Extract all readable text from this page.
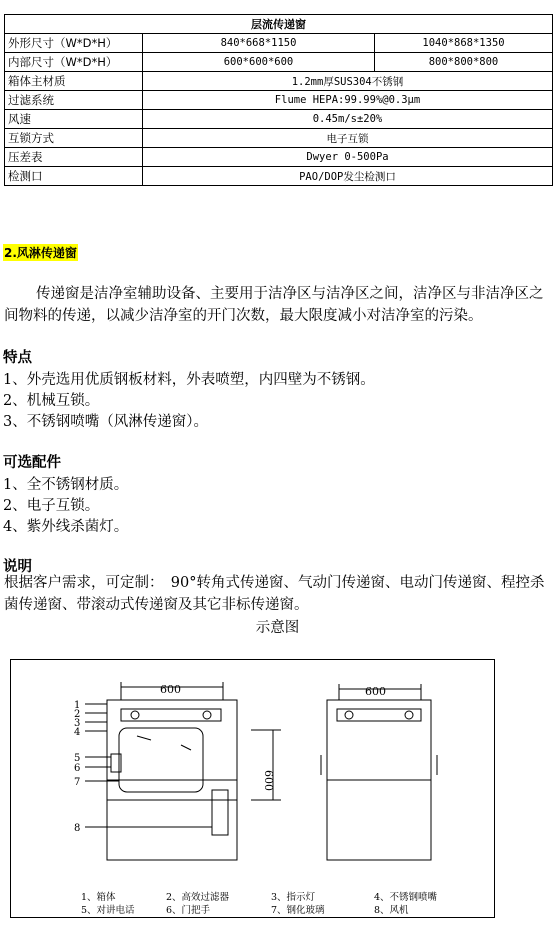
层流传递窗		
外形尺寸（W*D*H）	840*668*1150	1040*868*1350
内部尺寸（W*D*H）	600*600*600	800*800*800
箱体主材质	1.2mm厚SUS304不锈钢	
过滤系统	Flume HEPA:99.99%@0.3μm	
风速	0.45m/s±20%	
互锁方式	电子互锁	
压差表	Dwyer 0-500Pa	
检测口	PAO/DOP发尘检测口	
2.风淋传递窗
传递窗是洁净室辅助设备、主要用于洁净区与洁净区之间，洁净区与非洁净区之间物料的传递，以减少洁净室的开门次数，最大限度减小对洁净室的污染。
特点
1、外壳选用优质钢板材料，外表喷塑，内四壁为不锈钢。
2、机械互锁。
3、不锈钢喷嘴（风淋传递窗）。
可选配件
1、全不锈钢材质。
2、电子互锁。
4、紫外线杀菌灯。
说明
根据客户需求，可定制：　90°转角式传递窗、气动门传递窗、电动门传递窗、程控杀菌传递窗、带滚动式传递窗及其它非标传递窗。
示意图
600	600
600
1
2
3
4
5
6
7
8
1、箱体	2、高效过滤器	3、指示灯	4、不锈钢喷嘴
5、对讲电话	6、门把手	7、钢化玻璃	8、风机
